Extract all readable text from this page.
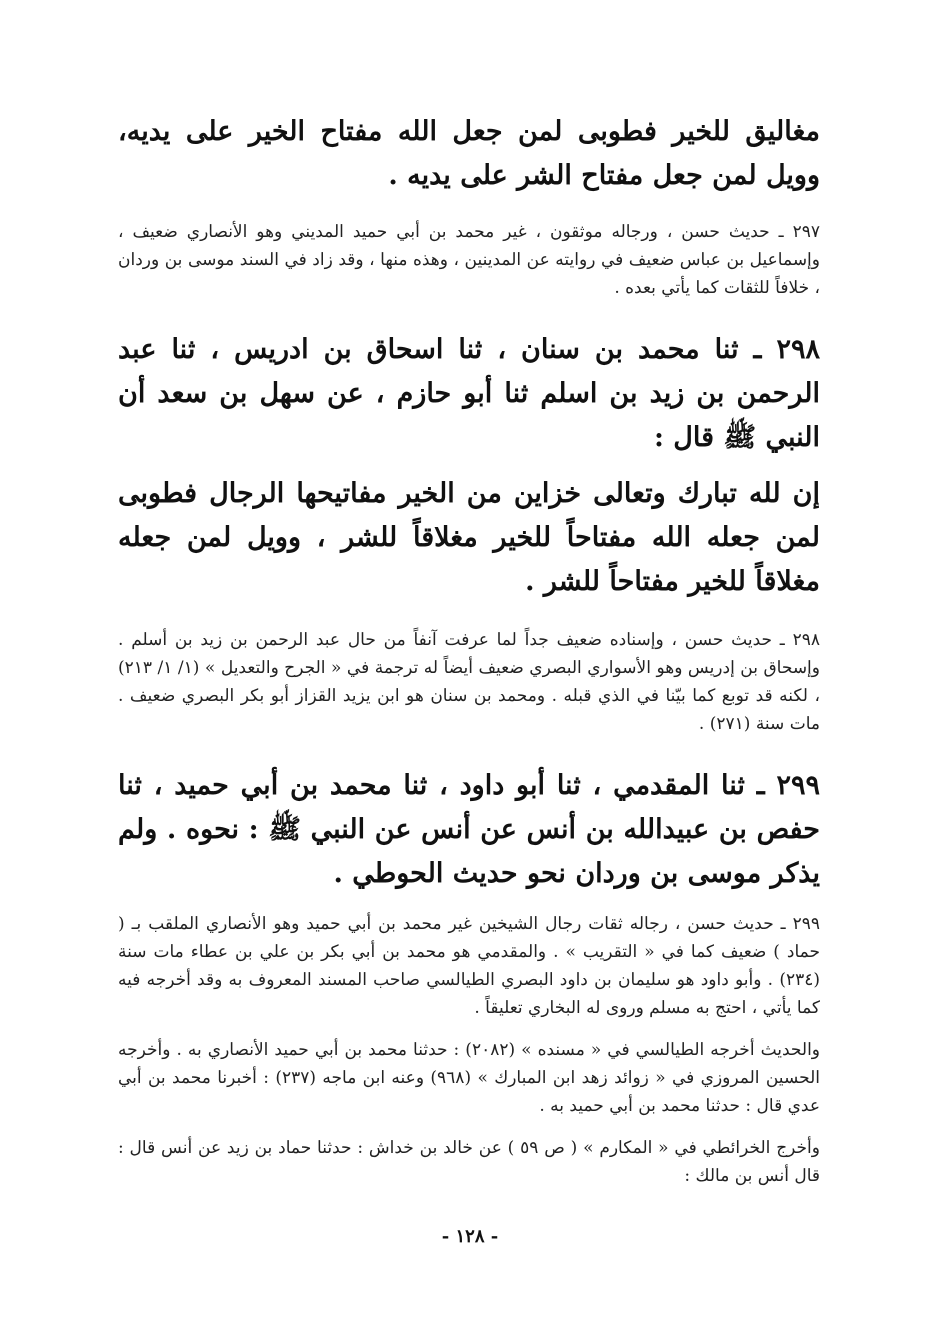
مغاليق للخير فطوبى لمن جعل الله مفتاح الخير على يديه، وويل لمن جعل مفتاح الشر على يديه .

٢٩٧ ـ حديث حسن ، ورجاله موثقون ، غير محمد بن أبي حميد المديني وهو الأنصاري ضعيف ، وإسماعيل بن عباس ضعيف في روايته عن المدينين ، وهذه منها ، وقد زاد في السند موسى بن وردان ، خلافاً للثقات كما يأتي بعده .

٢٩٨ ـ ثنا محمد بن سنان ، ثنا اسحاق بن ادريس ، ثنا عبد الرحمن بن زيد بن اسلم ثنا أبو حازم ، عن سهل بن سعد أن النبي ﷺ قال :

إن لله تبارك وتعالى خزاين من الخير مفاتيحها الرجال فطوبى لمن جعله الله مفتاحاً للخير مغلاقاً للشر ، وويل لمن جعله مغلاقاً للخير مفتاحاً للشر .

٢٩٨ ـ حديث حسن ، وإسناده ضعيف جداً لما عرفت آنفاً من حال عبد الرحمن بن زيد بن أسلم . وإسحاق بن إدريس وهو الأسواري البصري ضعيف أيضاً له ترجمة في « الجرح والتعديل » (١/ ١/ ٢١٣) ، لكنه قد توبع كما بيّنا في الذي قبله . ومحمد بن سنان هو ابن يزيد القزاز أبو بكر البصري ضعيف . مات سنة (٢٧١) .

٢٩٩ ـ ثنا المقدمي ، ثنا أبو داود ، ثنا محمد بن أبي حميد ، ثنا حفص بن عبيدالله بن أنس عن أنس عن النبي ﷺ : نحوه . ولم يذكر موسى بن وردان نحو حديث الحوطي .

٢٩٩ ـ حديث حسن ، رجاله ثقات رجال الشيخين غير محمد بن أبي حميد وهو الأنصاري الملقب بـ ( حماد ) ضعيف كما في « التقريب » . والمقدمي هو محمد بن أبي بكر بن علي بن عطاء مات سنة (٢٣٤) . وأبو داود هو سليمان بن داود البصري الطيالسي صاحب المسند المعروف به وقد أخرجه فيه كما يأتي ، احتج به مسلم وروى له البخاري تعليقاً .

والحديث أخرجه الطيالسي في « مسنده » (٢٠٨٢) : حدثنا محمد بن أبي حميد الأنصاري به . وأخرجه الحسين المروزي في « زوائد زهد ابن المبارك » (٩٦٨) وعنه ابن ماجه (٢٣٧) : أخبرنا محمد بن أبي عدي قال : حدثنا محمد بن أبي حميد به .

وأخرج الخرائطي في « المكارم » ( ص ٥٩ ) عن خالد بن خداش : حدثنا حماد بن زيد عن أنس قال : قال أنس بن مالك :

- ١٢٨ -
